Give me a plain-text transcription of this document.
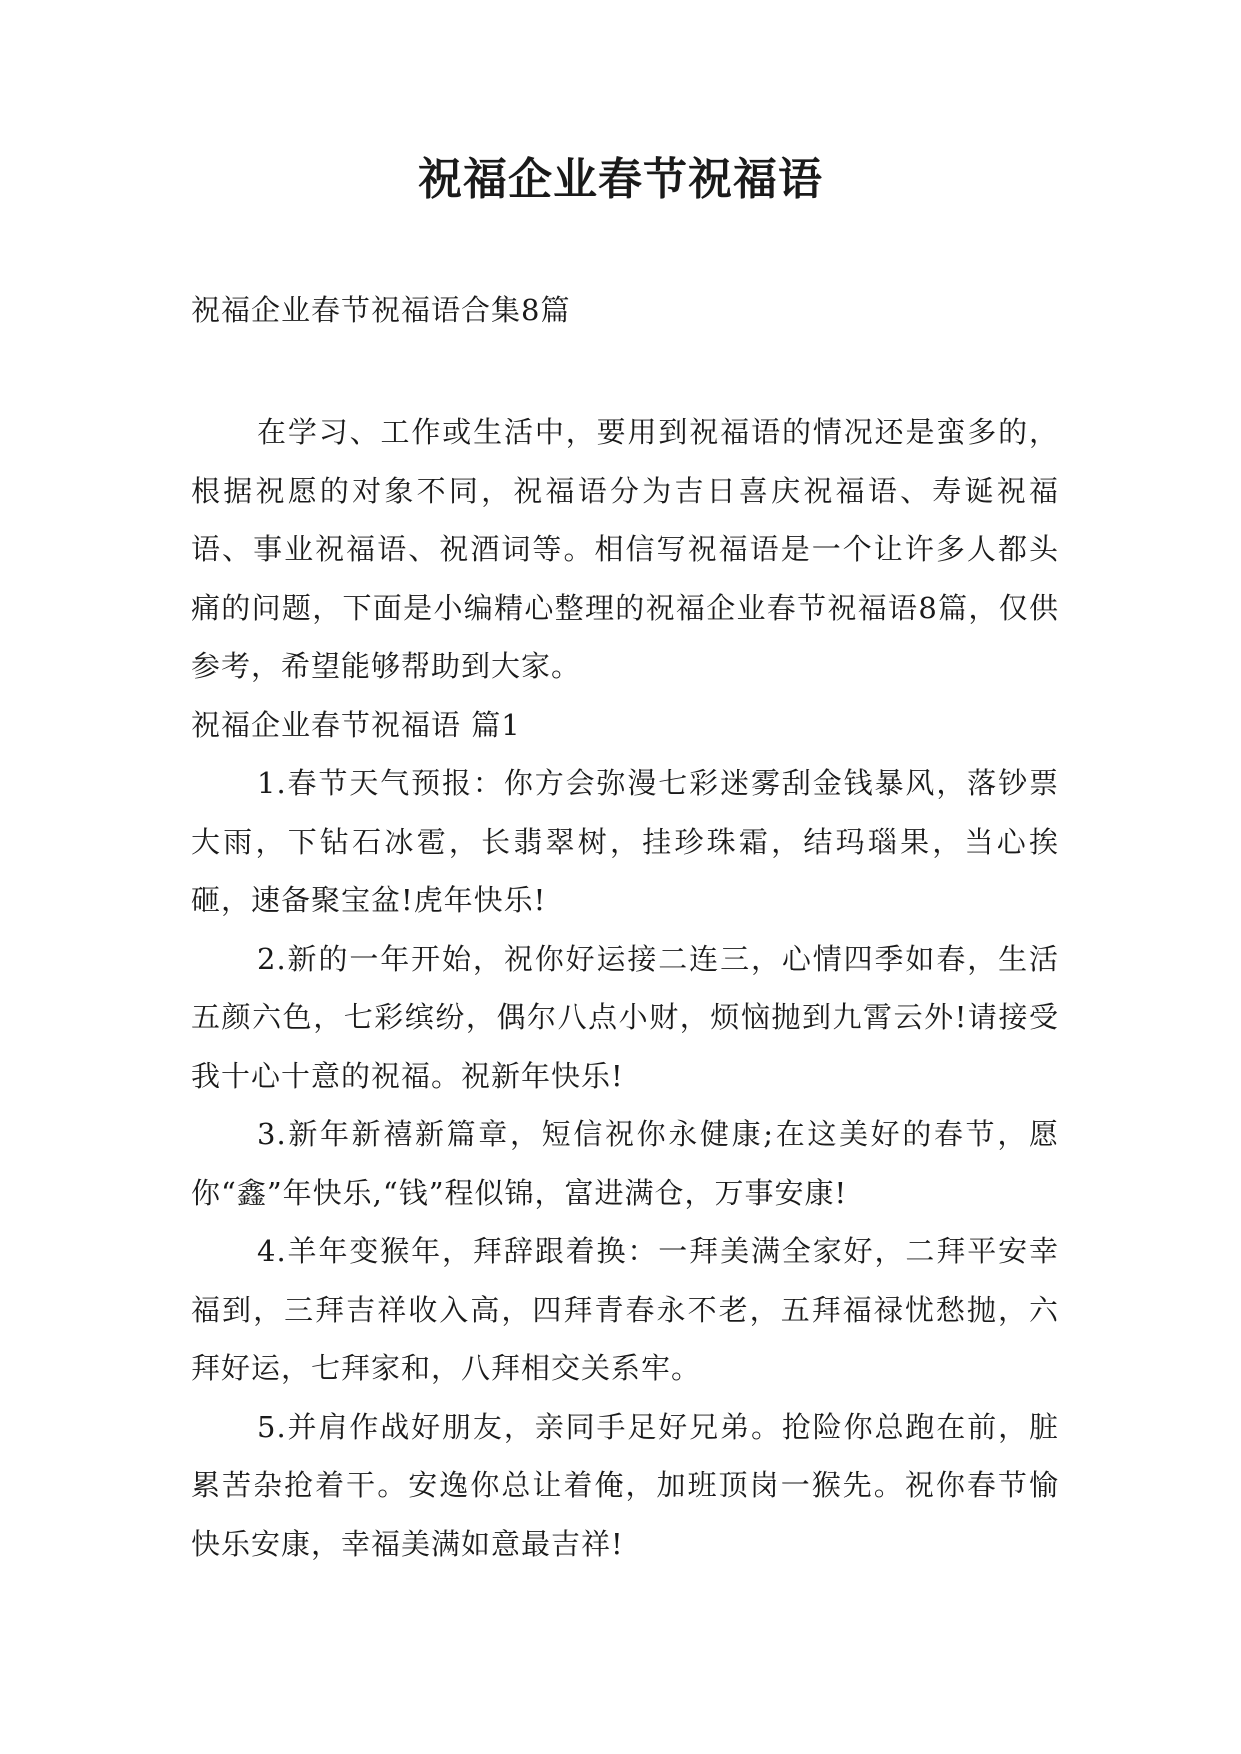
祝福企业春节祝福语
祝福企业春节祝福语合集8篇

在学习、工作或生活中，要用到祝福语的情况还是蛮多的，根据祝愿的对象不同，祝福语分为吉日喜庆祝福语、寿诞祝福语、事业祝福语、祝酒词等。相信写祝福语是一个让许多人都头痛的问题，下面是小编精心整理的祝福企业春节祝福语8篇，仅供参考，希望能够帮助到大家。

祝福企业春节祝福语 篇1

1.春节天气预报：你方会弥漫七彩迷雾刮金钱暴风，落钞票大雨，下钻石冰雹，长翡翠树，挂珍珠霜，结玛瑙果，当心挨砸，速备聚宝盆!虎年快乐!

2.新的一年开始，祝你好运接二连三，心情四季如春，生活五颜六色，七彩缤纷，偶尔八点小财，烦恼抛到九霄云外!请接受我十心十意的祝福。祝新年快乐!

3.新年新禧新篇章，短信祝你永健康;在这美好的春节，愿你“鑫”年快乐,“钱”程似锦，富进满仓，万事安康!

4.羊年变猴年，拜辞跟着换：一拜美满全家好，二拜平安幸福到，三拜吉祥收入高，四拜青春永不老，五拜福禄忧愁抛，六拜好运，七拜家和，八拜相交关系牢。

5.并肩作战好朋友，亲同手足好兄弟。抢险你总跑在前，脏累苦杂抢着干。安逸你总让着俺，加班顶岗一猴先。祝你春节愉快乐安康，幸福美满如意最吉祥!
